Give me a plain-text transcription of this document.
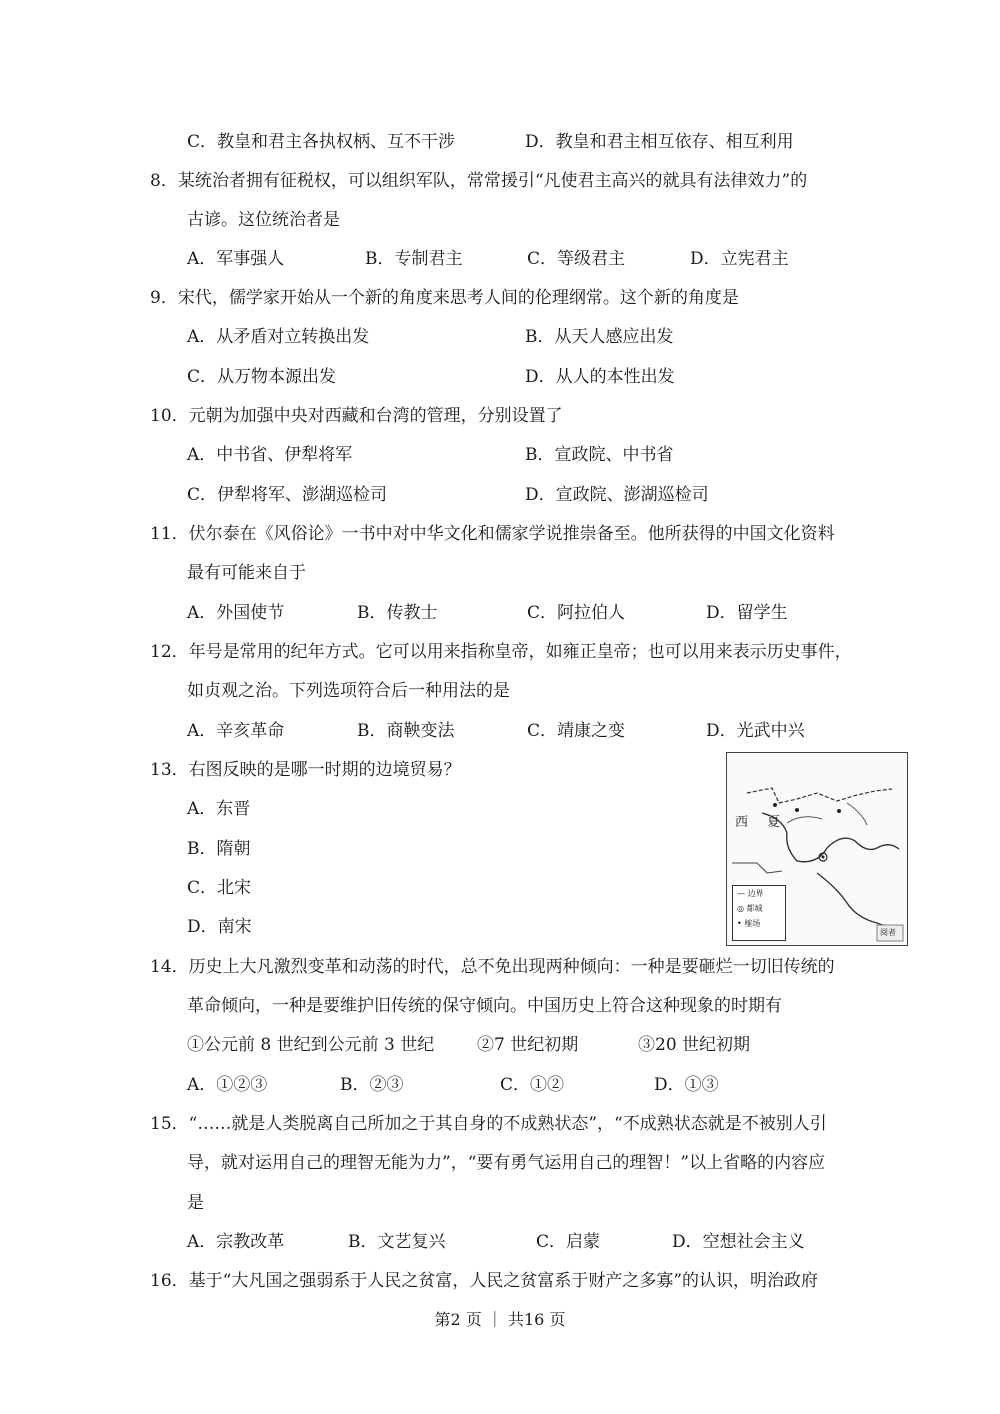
C．教皇和君主各执权柄、互不干涉	D．教皇和君主相互依存、相互利用
8．某统治者拥有征税权，可以组织军队，常常援引“凡使君主高兴的就具有法律效力”的
古谚。这位统治者是
A．军事强人	B．专制君主	C．等级君主	D．立宪君主
9．宋代，儒学家开始从一个新的角度来思考人间的伦理纲常。这个新的角度是
A．从矛盾对立转换出发	B．从天人感应出发
C．从万物本源出发	D．从人的本性出发
10．元朝为加强中央对西藏和台湾的管理，分别设置了
A．中书省、伊犁将军	B．宣政院、中书省
C．伊犁将军、澎湖巡检司	D．宣政院、澎湖巡检司
11．伏尔泰在《风俗论》一书中对中华文化和儒家学说推崇备至。他所获得的中国文化资料
最有可能来自于
A．外国使节	B．传教士	C．阿拉伯人	D．留学生
12．年号是常用的纪年方式。它可以用来指称皇帝，如雍正皇帝；也可以用来表示历史事件，
如贞观之治。下列选项符合后一种用法的是
A．辛亥革命	B．商鞅变法	C．靖康之变	D．光武中兴
13．右图反映的是哪一时期的边境贸易？
A．东晋
B．隋朝
C．北宋
D．南宋
西 夏
阅者
— 边界
◎ 都城
• 榷场
14．历史上大凡激烈变革和动荡的时代，总不免出现两种倾向：一种是要砸烂一切旧传统的
革命倾向，一种是要维护旧传统的保守倾向。中国历史上符合这种现象的时期有
①公元前 8 世纪到公元前 3 世纪	②7 世纪初期	③20 世纪初期
A．①②③	B．②③	C．①②	D．①③
15．“……就是人类脱离自己所加之于其自身的不成熟状态”，“不成熟状态就是不被别人引
导，就对运用自己的理智无能为力”，“要有勇气运用自己的理智！”以上省略的内容应
是
A．宗教改革	B．文艺复兴	C．启蒙	D．空想社会主义
16．基于“大凡国之强弱系于人民之贫富，人民之贫富系于财产之多寡”的认识，明治政府
第2 页 ｜ 共16 页
